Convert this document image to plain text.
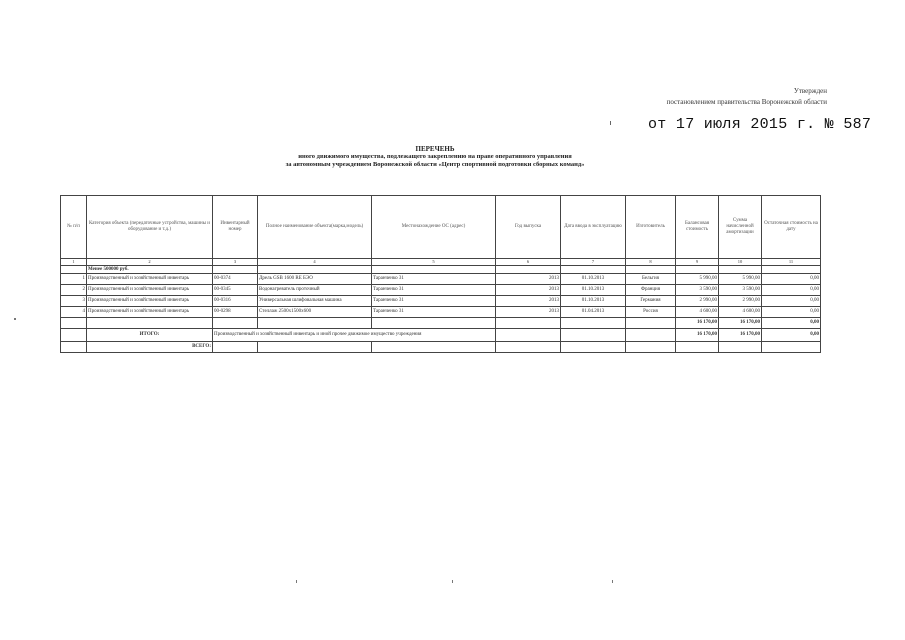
Утвержден
постановлением правительства Воронежской области
от 17 июля 2015 г. № 587
ПЕРЕЧЕНЬ
иного движимого имущества, подлежащего закреплению на праве оперативного управления
за автономным учреждением Воронежской области «Центр спортивной подготовки сборных команд»
№ п/п	Категория объекта (передаточные устройства, машины и оборудование и т.д.)	Инвентарный номер	Полное наименование объекта(марка,модель)	Местонахождение ОС (адрес)	Год выпуска	Дата ввода в эксплуатацию	Изготовитель	Балансовая стоимость	Сумма начисленной амортизации	Остаточная стоимость на дату
1	2	3	4	5	6	7	8	9	10	11
	Менее 500000 руб.									
1	Производственный и хозяйственный инвентарь	00-0374	Дрель GSB 1600 RE БЭО	Таранченко 31	2013	01.10.2013	Бельгия	5 990,00	5 990,00	0,00
2	Производственный и хозяйственный инвентарь	00-0345	Водонагреватель проточный	Таранченко 31	2013	01.10.2013	Франция	3 590,00	3 590,00	0,00
3	Производственный и хозяйственный инвентарь	00-0316	Универсальная шлифовальная машина	Таранченко 31	2013	01.10.2013	Германия	2 990,00	2 990,00	0,00
4	Производственный и хозяйственный инвентарь	00-0298	Стеллаж 2500х1500х600	Таранченко 31	2013	01.04.2013	Россия	4 600,00	4 600,00	0,00
								16 170,00	16 170,00	0,00
	ИТОГО:	Производственный и хозяйственный инвентарь и иной прочее движимое имущество учреждения						16 170,00	16 170,00	0,00
	ВСЕГО:									
